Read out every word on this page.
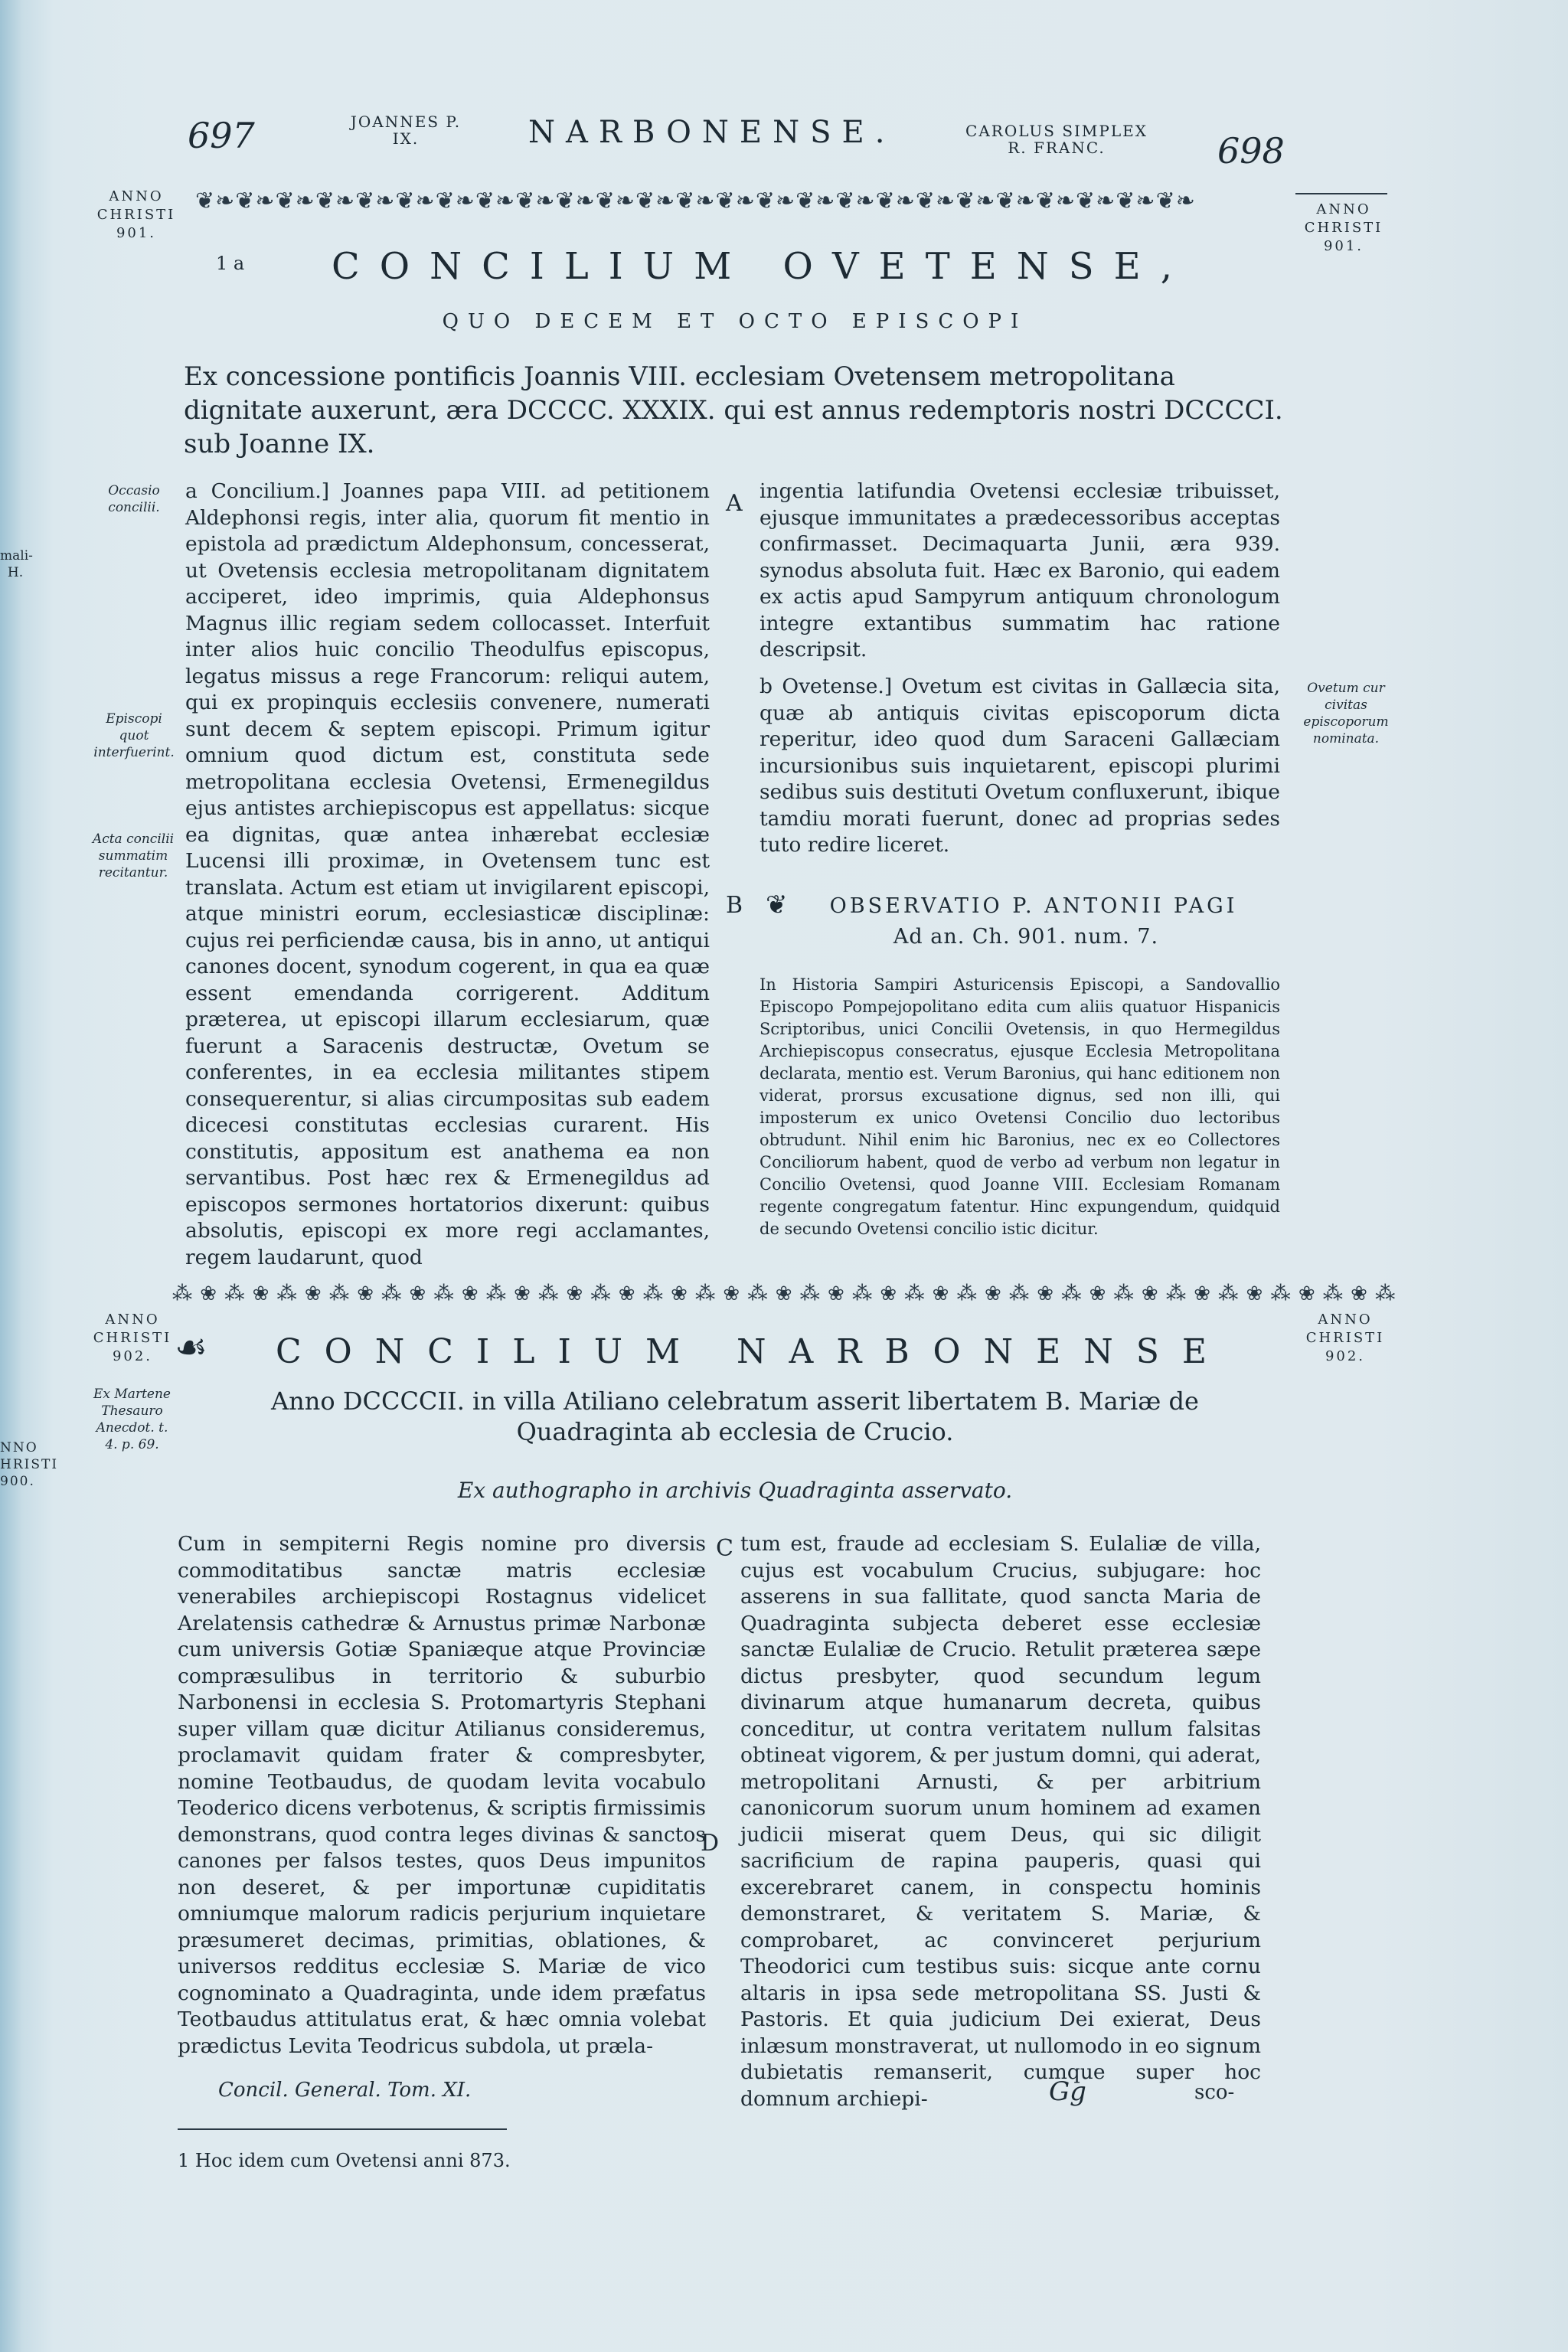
697	JOANNES P. IX.	NARBONENSE.	CAROLUS SIMPLEX R. FRANC.	698
mali- H.
NNO HRISTI 900.
ANNO CHRISTI 901.
ANNO CHRISTI 901.
❦❧❦❧❦❧❦❧❦❧❦❧❦❧❦❧❦❧❦❧❦❧❦❧❦❧❦❧❦❧❦❧❦❧❦❧❦❧❦❧❦❧❦❧❦❧❦❧❦❧
1 a	CONCILIUM OVETENSE,
QUO DECEM ET OCTO EPISCOPI
Ex concessione pontificis Joannis VIII. ecclesiam Ovetensem metropolitana dignitate auxerunt, æra DCCCC. XXXIX. qui est annus redemptoris nostri DCCCCI. sub Joanne IX.
Occasio concilii.
Episcopi quot interfuerint.
Acta concilii summatim recitantur.
Ovetum cur civitas episcoporum nominata.
A
B

a Concilium.] Joannes papa VIII. ad petitionem Aldephonsi regis, inter alia, quorum fit mentio in epistola ad prædictum Aldephonsum, concesserat, ut Ovetensis ecclesia metropolitanam dignitatem acciperet, ideo imprimis, quia Aldephonsus Magnus illic regiam sedem collocasset. Interfuit inter alios huic concilio Theodulfus episcopus, legatus missus a rege Francorum: reliqui autem, qui ex propinquis ecclesiis convenere, numerati sunt decem & septem episcopi. Primum igitur omnium quod dictum est, constituta sede metropolitana ecclesia Ovetensi, Ermenegildus ejus antistes archiepiscopus est appellatus: sicque ea dignitas, quæ antea inhærebat ecclesiæ Lucensi illi proximæ, in Ovetensem tunc est translata. Actum est etiam ut invigilarent episcopi, atque ministri eorum, ecclesiasticæ disciplinæ: cujus rei perficiendæ causa, bis in anno, ut antiqui canones docent, synodum cogerent, in qua ea quæ essent emendanda corrigerent. Additum præterea, ut episcopi illarum ecclesiarum, quæ fuerunt a Saracenis destructæ, Ovetum se conferentes, in ea ecclesia militantes stipem consequerentur, si alias circumpositas sub eadem dicecesi constitutas ecclesias curarent. His constitutis, appositum est anathema ea non servantibus. Post hæc rex & Ermenegildus ad episcopos sermones hortatorios dixerunt: quibus absolutis, episcopi ex more regi acclamantes, regem laudarunt, quod

ingentia latifundia Ovetensi ecclesiæ tribuisset, ejusque immunitates a prædecessoribus acceptas confirmasset. Decimaquarta Junii, æra 939. synodus absoluta fuit. Hæc ex Baronio, qui eadem ex actis apud Sampyrum antiquum chronologum integre extantibus summatim hac ratione descripsit.

b Ovetense.] Ovetum est civitas in Gallæcia sita, quæ ab antiquis civitas episcoporum dicta reperitur, ideo quod dum Saraceni Gallæciam incursionibus suis inquietarent, episcopi plurimi sedibus suis destituti Ovetum confluxerunt, ibique tamdiu morati fuerunt, donec ad proprias sedes tuto redire liceret.

❦	OBSERVATIO P. ANTONII PAGI
Ad an. Ch. 901. num. 7.
In Historia Sampiri Asturicensis Episcopi, a Sandovallio Episcopo Pompejopolitano edita cum aliis quatuor Hispanicis Scriptoribus, unici Concilii Ovetensis, in quo Hermegildus Archiepiscopus consecratus, ejusque Ecclesia Metropolitana declarata, mentio est. Verum Baronius, qui hanc editionem non viderat, prorsus excusatione dignus, sed non illi, qui imposterum ex unico Ovetensi Concilio duo lectoribus obtrudunt. Nihil enim hic Baronius, nec ex eo Collectores Conciliorum habent, quod de verbo ad verbum non legatur in Concilio Ovetensi, quod Joanne VIII. Ecclesiam Romanam regente congregatum fatentur. Hinc expungendum, quidquid de secundo Ovetensi concilio istic dicitur.
⁂ ❀ ⁂ ❀ ⁂ ❀ ⁂ ❀ ⁂ ❀ ⁂ ❀ ⁂ ❀ ⁂ ❀ ⁂ ❀ ⁂ ❀ ⁂ ❀ ⁂ ❀ ⁂ ❀ ⁂ ❀ ⁂ ❀ ⁂ ❀ ⁂ ❀ ⁂ ❀ ⁂ ❀ ⁂ ❀ ⁂ ❀ ⁂ ❀ ⁂ ❀ ⁂
ANNO CHRISTI 902.
ANNO CHRISTI 902.
Ex Martene Thesauro Anecdot. t. 4. p. 69.
☙ CONCILIUM NARBONENSE
Anno DCCCCII. in villa Atiliano celebratum asserit libertatem B. Mariæ de Quadraginta ab ecclesia de Crucio.
Ex authographo in archivis Quadraginta asservato.
C
D

Cum in sempiterni Regis nomine pro diversis commoditatibus sanctæ matris ecclesiæ venerabiles archiepiscopi Rostagnus videlicet Arelatensis cathedræ & Arnustus primæ Narbonæ cum universis Gotiæ Spaniæque atque Provinciæ compræsulibus in territorio & suburbio Narbonensi in ecclesia S. Protomartyris Stephani super villam quæ dicitur Atilianus consideremus, proclamavit quidam frater & compresbyter, nomine Teotbaudus, de quodam levita vocabulo Teoderico dicens verbotenus, & scriptis firmissimis demonstrans, quod contra leges divinas & sanctos canones per falsos testes, quos Deus impunitos non deseret, & per importunæ cupiditatis omniumque malorum radicis perjurium inquietare præsumeret decimas, primitias, oblationes, & universos redditus ecclesiæ S. Mariæ de vico cognominato a Quadraginta, unde idem præfatus Teotbaudus attitulatus erat, & hæc omnia volebat prædictus Levita Teodricus subdola, ut præla-

tum est, fraude ad ecclesiam S. Eulaliæ de villa, cujus est vocabulum Crucius, subjugare: hoc asserens in sua fallitate, quod sancta Maria de Quadraginta subjecta deberet esse ecclesiæ sanctæ Eulaliæ de Crucio. Retulit præterea sæpe dictus presbyter, quod secundum legum divinarum atque humanarum decreta, quibus conceditur, ut contra veritatem nullum falsitas obtineat vigorem, & per justum domni, qui aderat, metropolitani Arnusti, & per arbitrium canonicorum suorum unum hominem ad examen judicii miserat quem Deus, qui sic diligit sacrificium de rapina pauperis, quasi qui excerebraret canem, in conspectu hominis demonstraret, & veritatem S. Mariæ, & comprobaret, ac convinceret perjurium Theodorici cum testibus suis: sicque ante cornu altaris in ipsa sede metropolitana SS. Justi & Pastoris. Et quia judicium Dei exierat, Deus inlæsum monstraverat, ut nullomodo in eo signum dubietatis remanserit, cumque super hoc domnum archiepi-

Concil. General. Tom. XI.	Gg	sco-
1 Hoc idem cum Ovetensi anni 873.
